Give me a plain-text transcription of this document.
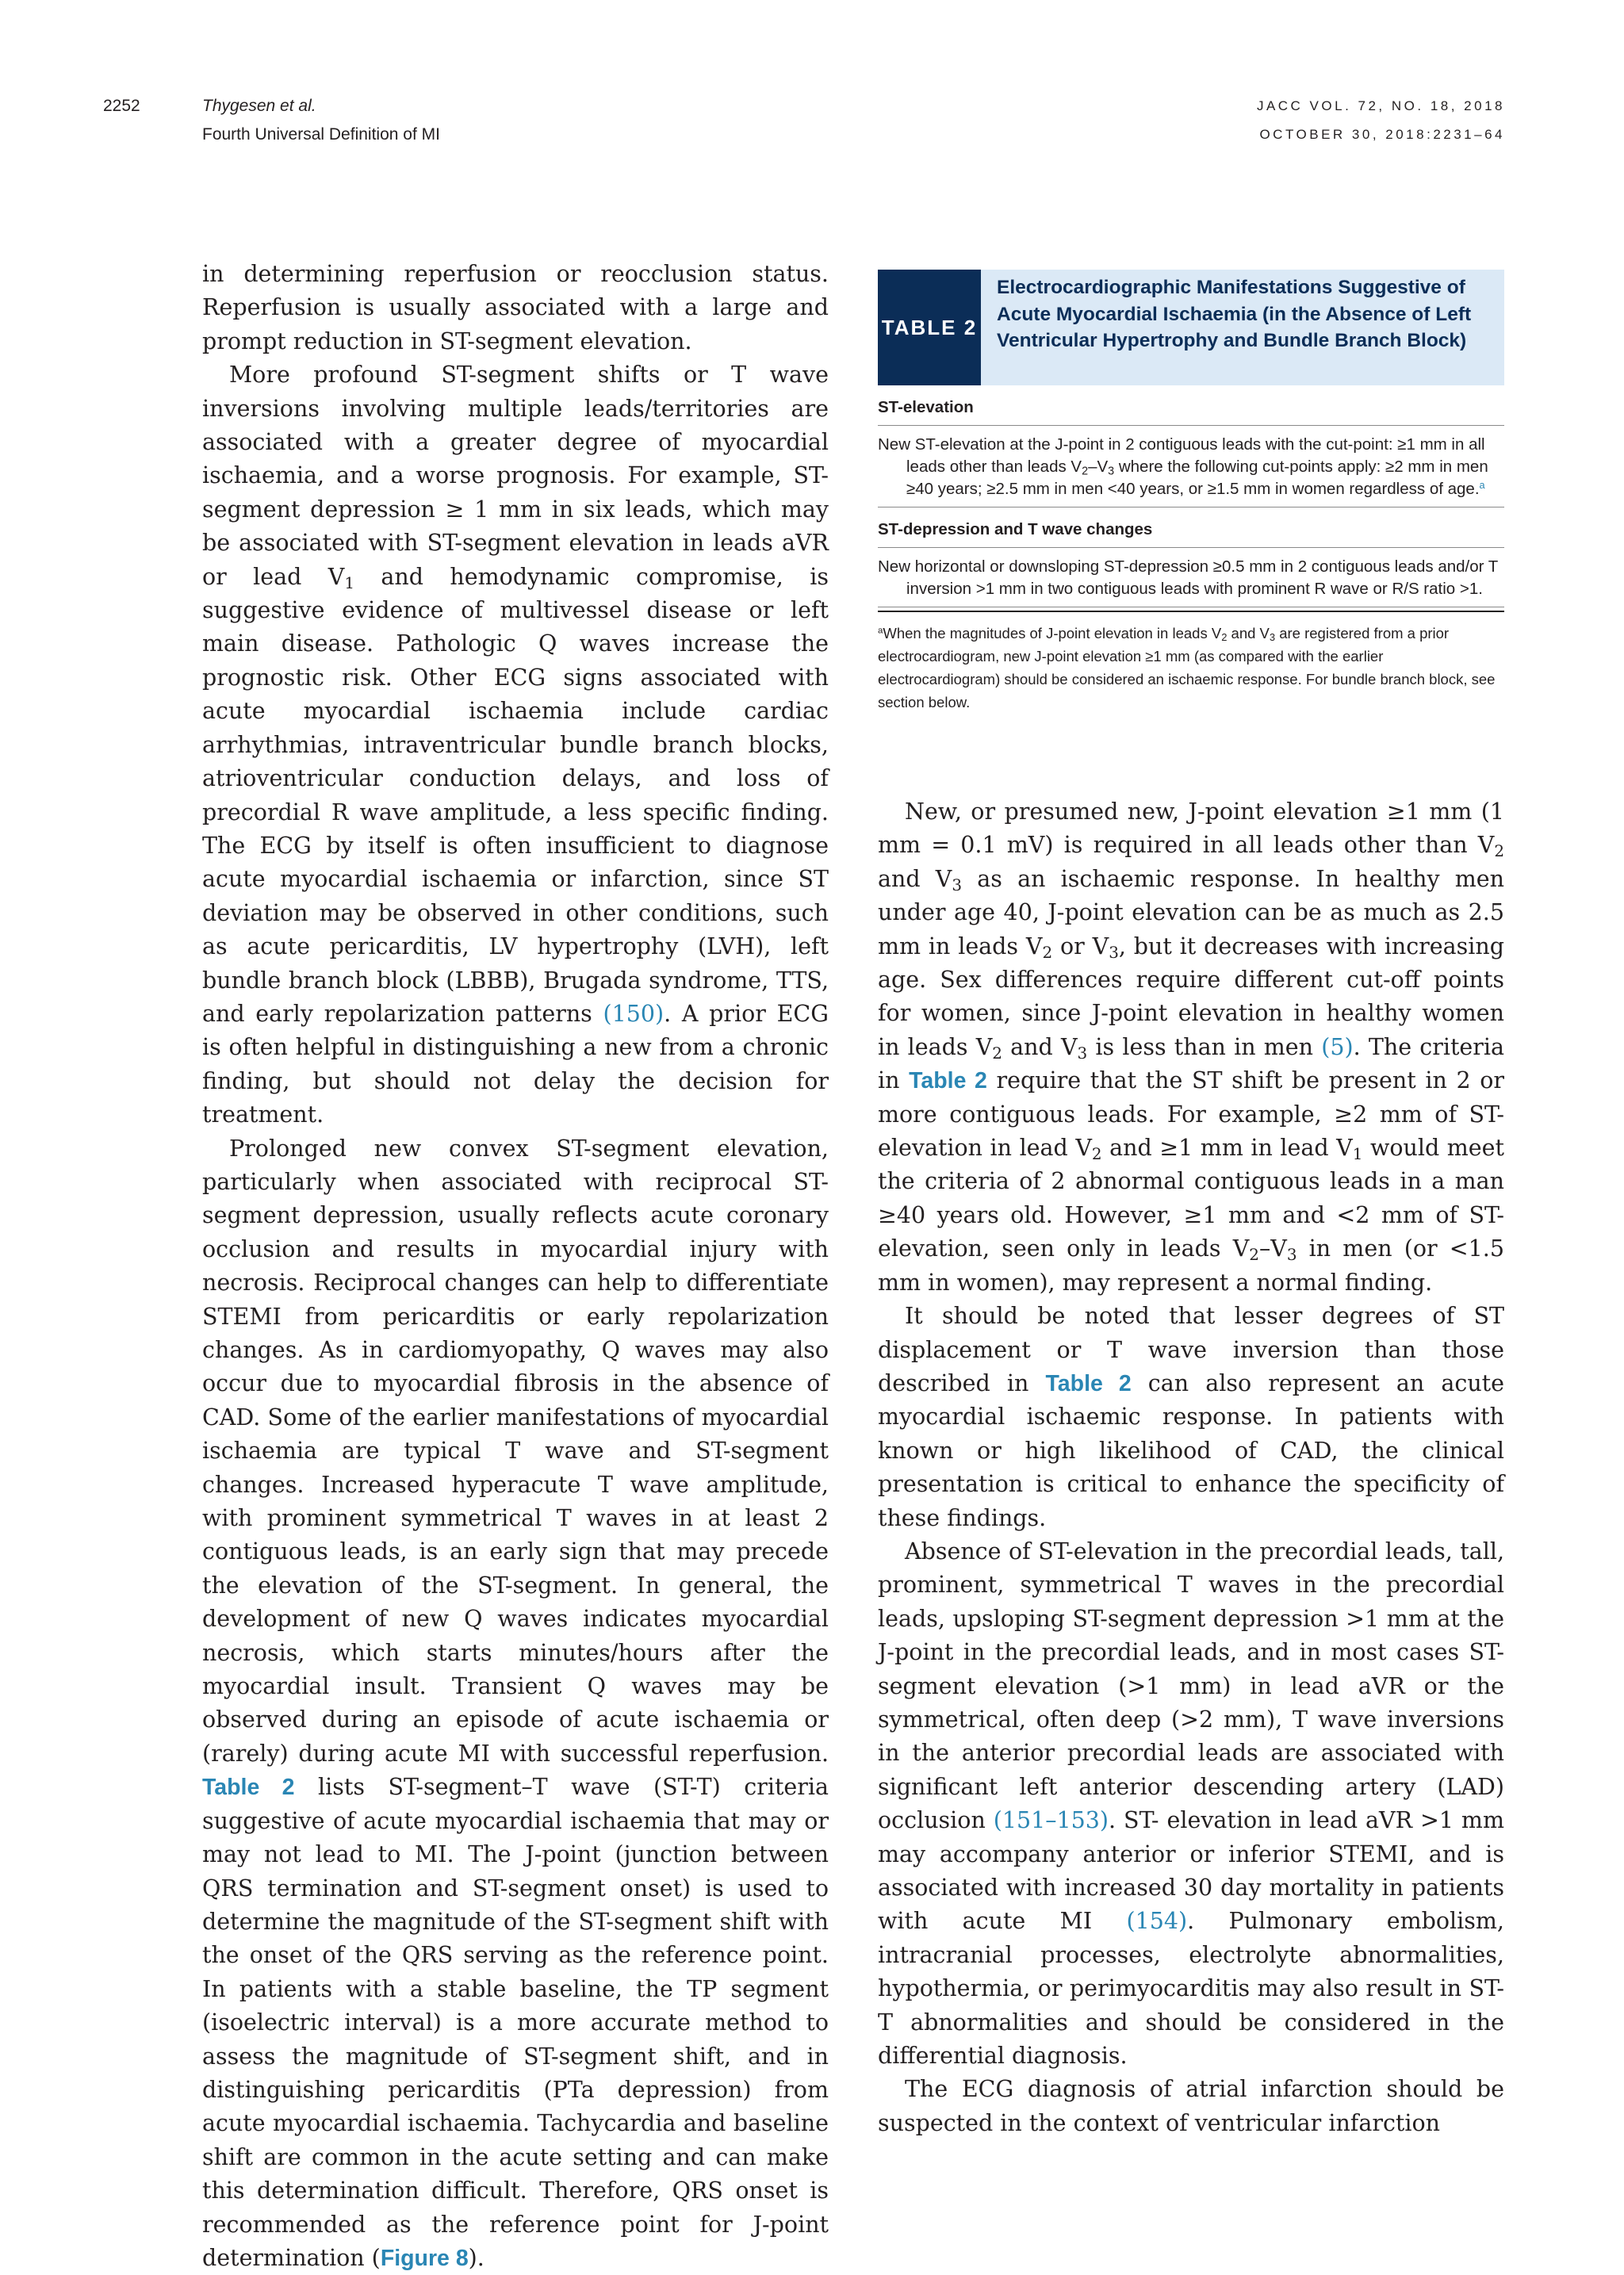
2252	Thygesen et al.
Fourth Universal Definition of MI
JACC VOL. 72, NO. 18, 2018
OCTOBER 30, 2018:2231–64

in determining reperfusion or reocclusion status. Reperfusion is usually associated with a large and prompt reduction in ST-segment elevation.

More profound ST-segment shifts or T wave inversions involving multiple leads/territories are associated with a greater degree of myocardial ischaemia, and a worse prognosis. For example, ST-segment depression ≥ 1 mm in six leads, which may be associated with ST-segment elevation in leads aVR or lead $V_1$ and hemodynamic compromise, is suggestive evidence of multivessel disease or left main disease. Pathologic Q waves increase the prognostic risk. Other ECG signs associated with acute myocardial ischaemia include cardiac arrhythmias, intraventricular bundle branch blocks, atrioventricular conduction delays, and loss of precordial R wave amplitude, a less specific finding. The ECG by itself is often insufficient to diagnose acute myocardial ischaemia or infarction, since ST deviation may be observed in other conditions, such as acute pericarditis, LV hypertrophy (LVH), left bundle branch block (LBBB), Brugada syndrome, TTS, and early repolarization patterns (150). A prior ECG is often helpful in distinguishing a new from a chronic finding, but should not delay the decision for treatment.

Prolonged new convex ST-segment elevation, particularly when associated with reciprocal ST-segment depression, usually reflects acute coronary occlusion and results in myocardial injury with necrosis. Reciprocal changes can help to differentiate STEMI from pericarditis or early repolarization changes. As in cardiomyopathy, Q waves may also occur due to myocardial fibrosis in the absence of CAD. Some of the earlier manifestations of myocardial ischaemia are typical T wave and ST-segment changes. Increased hyperacute T wave amplitude, with prominent symmetrical T waves in at least 2 contiguous leads, is an early sign that may precede the elevation of the ST-segment. In general, the development of new Q waves indicates myocardial necrosis, which starts minutes/hours after the myocardial insult. Transient Q waves may be observed during an episode of acute ischaemia or (rarely) during acute MI with successful reperfusion. Table 2 lists ST-segment–T wave (ST-T) criteria suggestive of acute myocardial ischaemia that may or may not lead to MI. The J-point (junction between QRS termination and ST-segment onset) is used to determine the magnitude of the ST-segment shift with the onset of the QRS serving as the reference point. In patients with a stable baseline, the TP segment (isoelectric interval) is a more accurate method to assess the magnitude of ST-segment shift, and in distinguishing pericarditis (PTa depression) from acute myocardial ischaemia. Tachycardia and baseline shift are common in the acute setting and can make this determination difficult. Therefore, QRS onset is recommended as the reference point for J-point determination (Figure 8).

TABLE 2
Electrocardiographic Manifestations Suggestive of Acute Myocardial Ischaemia (in the Absence of Left Ventricular Hypertrophy and Bundle Branch Block)
ST-elevation
New ST-elevation at the J-point in 2 contiguous leads with the cut-point: ≥1 mm in all leads other than leads $V_2-V_3$ where the following cut-points apply: ≥2 mm in men ≥40 years; ≥2.5 mm in men <40 years, or ≥1.5 mm in women regardless of age.$^a$
ST-depression and T wave changes
New horizontal or downsloping ST-depression ≥0.5 mm in 2 contiguous leads and/or T inversion >1 mm in two contiguous leads with prominent R wave or R/S ratio >1.
$^a$When the magnitudes of J-point elevation in leads $V_2$ and $V_3$ are registered from a prior electrocardiogram, new J-point elevation ≥1 mm (as compared with the earlier electrocardiogram) should be considered an ischaemic response. For bundle branch block, see section below.

New, or presumed new, J-point elevation ≥1 mm (1 mm = 0.1 mV) is required in all leads other than $V_2$ and $V_3$ as an ischaemic response. In healthy men under age 40, J-point elevation can be as much as 2.5 mm in leads $V_2$ or $V_3$, but it decreases with increasing age. Sex differences require different cut-off points for women, since J-point elevation in healthy women in leads $V_2$ and $V_3$ is less than in men (5). The criteria in Table 2 require that the ST shift be present in 2 or more contiguous leads. For example, ≥2 mm of ST-elevation in lead $V_2$ and ≥1 mm in lead $V_1$ would meet the criteria of 2 abnormal contiguous leads in a man ≥40 years old. However, ≥1 mm and <2 mm of ST-elevation, seen only in leads $V_2-V_3$ in men (or <1.5 mm in women), may represent a normal finding.

It should be noted that lesser degrees of ST displacement or T wave inversion than those described in Table 2 can also represent an acute myocardial ischaemic response. In patients with known or high likelihood of CAD, the clinical presentation is critical to enhance the specificity of these findings.

Absence of ST-elevation in the precordial leads, tall, prominent, symmetrical T waves in the precordial leads, upsloping ST-segment depression >1 mm at the J-point in the precordial leads, and in most cases ST-segment elevation (>1 mm) in lead aVR or the symmetrical, often deep (>2 mm), T wave inversions in the anterior precordial leads are associated with significant left anterior descending artery (LAD) occlusion (151–153). ST- elevation in lead aVR >1 mm may accompany anterior or inferior STEMI, and is associated with increased 30 day mortality in patients with acute MI (154). Pulmonary embolism, intracranial processes, electrolyte abnormalities, hypothermia, or perimyocarditis may also result in ST-T abnormalities and should be considered in the differential diagnosis.

The ECG diagnosis of atrial infarction should be suspected in the context of ventricular infarction
